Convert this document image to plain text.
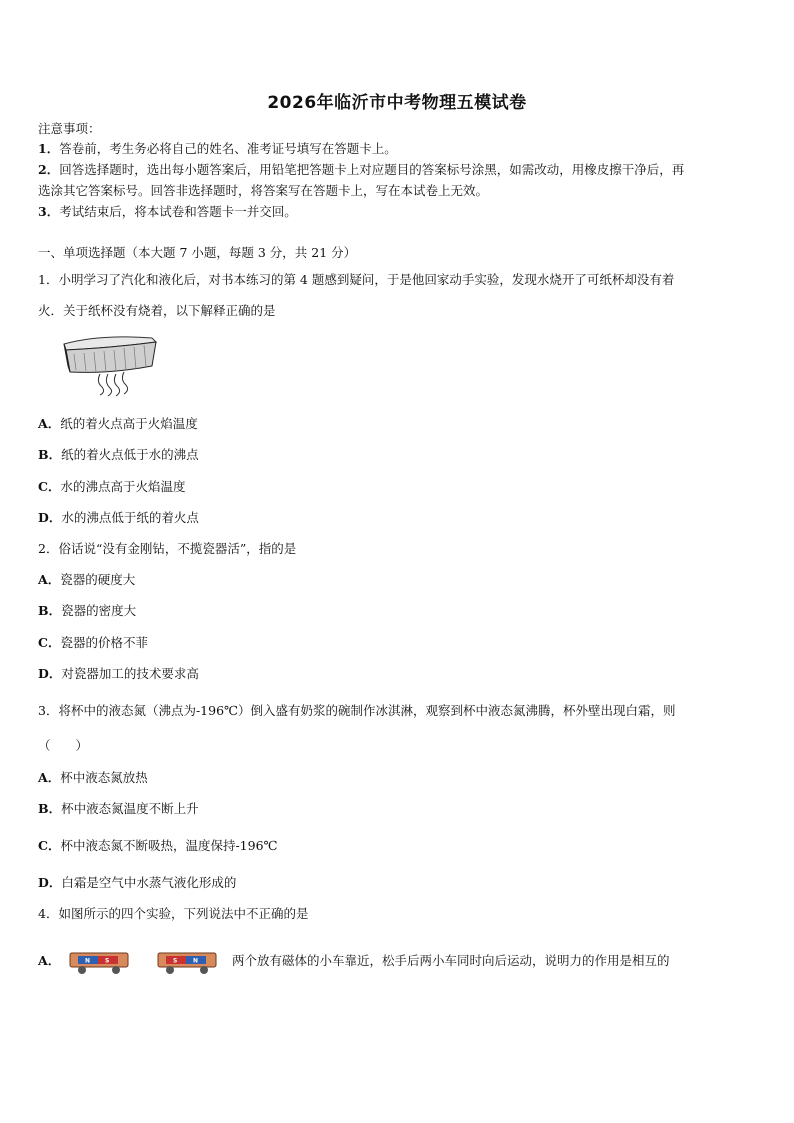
2026年临沂市中考物理五模试卷
注意事项：
1．答卷前，考生务必将自己的姓名、准考证号填写在答题卡上。
2．回答选择题时，选出每小题答案后，用铅笔把答题卡上对应题目的答案标号涂黑，如需改动，用橡皮擦干净后，再
选涂其它答案标号。回答非选择题时，将答案写在答题卡上，写在本试卷上无效。
3．考试结束后，将本试卷和答题卡一并交回。
一、单项选择题（本大题 7 小题，每题 3 分，共 21 分）
1．小明学习了汽化和液化后，对书本练习的第 4 题感到疑问，于是他回家动手实验，发现水烧开了可纸杯却没有着
火．关于纸杯没有烧着，以下解释正确的是
A．纸的着火点高于火焰温度
B．纸的着火点低于水的沸点
C．水的沸点高于火焰温度
D．水的沸点低于纸的着火点
2．俗话说“没有金刚钻，不揽瓷器活”，指的是
A．瓷器的硬度大
B．瓷器的密度大
C．瓷器的价格不菲
D．对瓷器加工的技术要求高
3．将杯中的液态氮（沸点为-196℃）倒入盛有奶浆的碗制作冰淇淋，观察到杯中液态氮沸腾，杯外壁出现白霜，则
（　　）
A．杯中液态氮放热
B．杯中液态氮温度不断上升
C．杯中液态氮不断吸热，温度保持-196℃
D．白霜是空气中水蒸气液化形成的
4．如图所示的四个实验，下列说法中不正确的是
A．	N S	S	N	两个放有磁体的小车靠近，松手后两小车同时向后运动，说明力的作用是相互的
